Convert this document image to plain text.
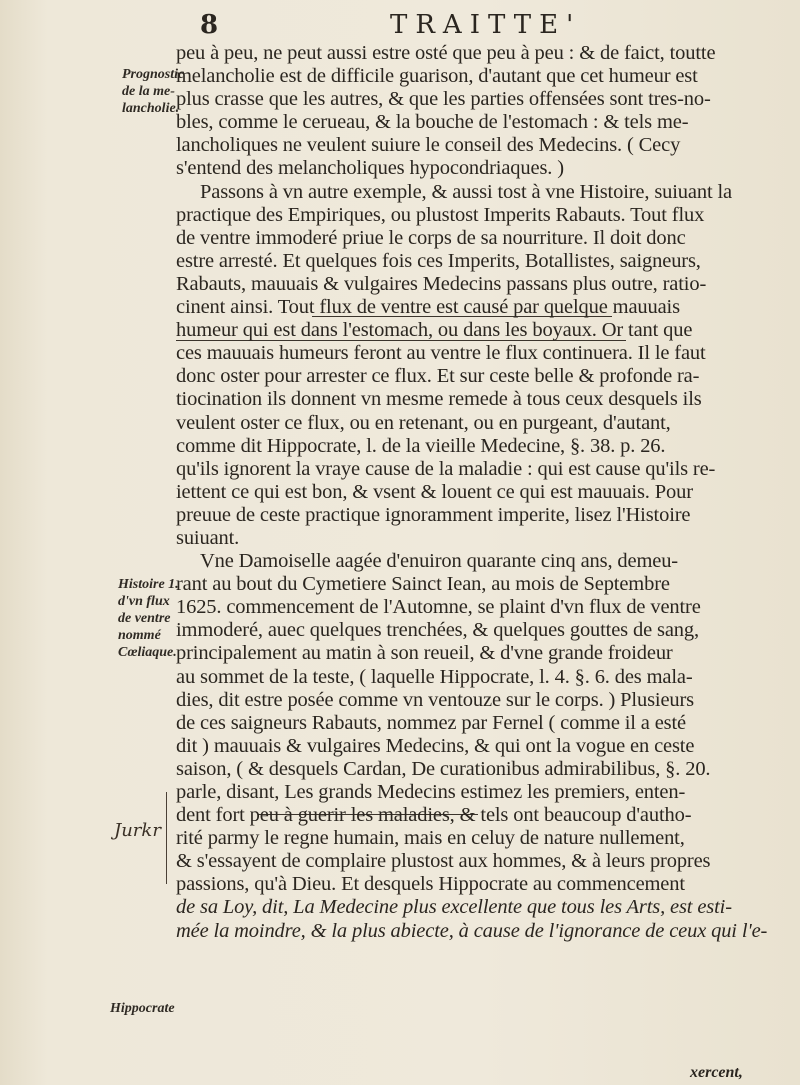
8	TRAITTE'
Prognostic
de la me-
lancholie.
Histoire 1.
d'vn flux
de ventre
nommé
Cœliaque.
Hippocrate
Jurkr
peu à peu, ne peut aussi estre osté que peu à peu : & de faict, toutte
melancholie est de difficile guarison, d'autant que cet humeur est
plus crasse que les autres, & que les parties offensées sont tres-no-
bles, comme le cerueau, & la bouche de l'estomach : & tels me-
lancholiques ne veulent suiure le conseil des Medecins. ( Cecy
s'entend des melancholiques hypocondriaques. )
Passons à vn autre exemple, & aussi tost à vne Histoire, suiuant la
practique des Empiriques, ou plustost Imperits Rabauts. Tout flux
de ventre immoderé priue le corps de sa nourriture. Il doit donc
estre arresté. Et quelques fois ces Imperits, Botallistes, saigneurs,
Rabauts, mauuais & vulgaires Medecins passans plus outre, ratio-
cinent ainsi. Tout flux de ventre est causé par quelque mauuais
humeur qui est dans l'estomach, ou dans les boyaux. Or tant que
ces mauuais humeurs feront au ventre le flux continuera. Il le faut
donc oster pour arrester ce flux. Et sur ceste belle & profonde ra-
tiocination ils donnent vn mesme remede à tous ceux desquels ils
veulent oster ce flux, ou en retenant, ou en purgeant, d'autant,
comme dit Hippocrate, l. de la vieille Medecine, §. 38. p. 26.
qu'ils ignorent la vraye cause de la maladie : qui est cause qu'ils re-
iettent ce qui est bon, & vsent & louent ce qui est mauuais. Pour
preuue de ceste practique ignoramment imperite, lisez l'Histoire
suiuant.
Vne Damoiselle aagée d'enuiron quarante cinq ans, demeu-
rant au bout du Cymetiere Sainct Iean, au mois de Septembre
1625. commencement de l'Automne, se plaint d'vn flux de ventre
immoderé, auec quelques trenchées, & quelques gouttes de sang,
principalement au matin à son reueil, & d'vne grande froideur
au sommet de la teste, ( laquelle Hippocrate, l. 4. §. 6. des mala-
dies, dit estre posée comme vn ventouze sur le corps. ) Plusieurs
de ces saigneurs Rabauts, nommez par Fernel ( comme il a esté
dit ) mauuais & vulgaires Medecins, & qui ont la vogue en ceste
saison, ( & desquels Cardan, De curationibus admirabilibus, §. 20.
parle, disant, Les grands Medecins estimez les premiers, enten-
dent fort peu à guerir les maladies, & tels ont beaucoup d'autho-
rité parmy le regne humain, mais en celuy de nature nullement,
& s'essayent de complaire plustost aux hommes, & à leurs propres
passions, qu'à Dieu. Et desquels Hippocrate au commencement
de sa Loy, dit, La Medecine plus excellente que tous les Arts, est esti-
mée la moindre, & la plus abiecte, à cause de l'ignorance de ceux qui l'e-
xercent,
